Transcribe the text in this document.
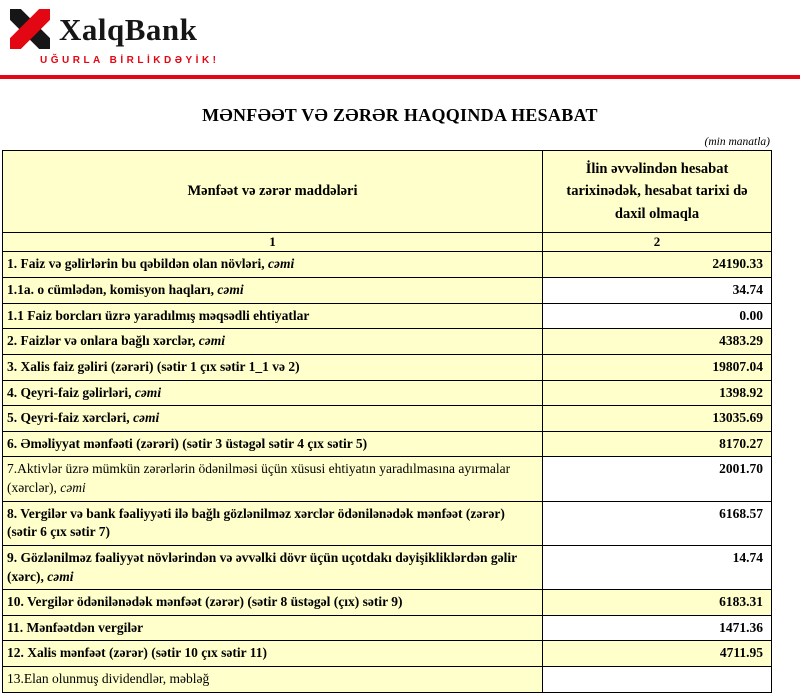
XalqBank
UĞURLA BİRLİKDƏYİK!
MƏNFƏƏT VƏ ZƏRƏR HAQQINDA HESABAT
(min manatla)
Mənfəət və zərər maddələri	İlin əvvəlindən hesabat tarixinədək, hesabat tarixi də daxil olmaqla
1	2
1. Faiz və gəlirlərin bu qəbildən olan növləri, cəmi	24190.33
1.1a. o cümlədən, komisyon haqları, cəmi	34.74
1.1 Faiz borcları üzrə yaradılmış məqsədli ehtiyatlar	0.00
2. Faizlər və onlara bağlı xərclər, cəmi	4383.29
3. Xalis faiz gəliri (zərəri) (sətir 1 çıx sətir 1_1 və 2)	19807.04
4. Qeyri-faiz gəlirləri, cəmi	1398.92
5. Qeyri-faiz xərcləri, cəmi	13035.69
6. Əməliyyat mənfəəti (zərəri) (sətir 3 üstəgəl sətir 4 çıx sətir 5)	8170.27
7.Aktivlər üzrə mümkün zərərlərin ödənilməsi üçün xüsusi ehtiyatın yaradılmasına ayırmalar (xərclər), cəmi	2001.70
8. Vergilər və bank fəaliyyəti ilə bağlı gözlənilməz xərclər ödənilənədək mənfəət (zərər) (sətir 6 çıx sətir 7)	6168.57
9. Gözlənilməz fəaliyyət növlərindən və əvvəlki dövr üçün uçotdakı dəyişikliklərdən gəlir (xərc), cəmi	14.74
10. Vergilər ödənilənədək mənfəət (zərər) (sətir 8 üstəgəl (çıx) sətir 9)	6183.31
11. Mənfəətdən vergilər	1471.36
12. Xalis mənfəət (zərər) (sətir 10 çıx sətir 11)	4711.95
13.Elan olunmuş dividendlər, məbləğ	
